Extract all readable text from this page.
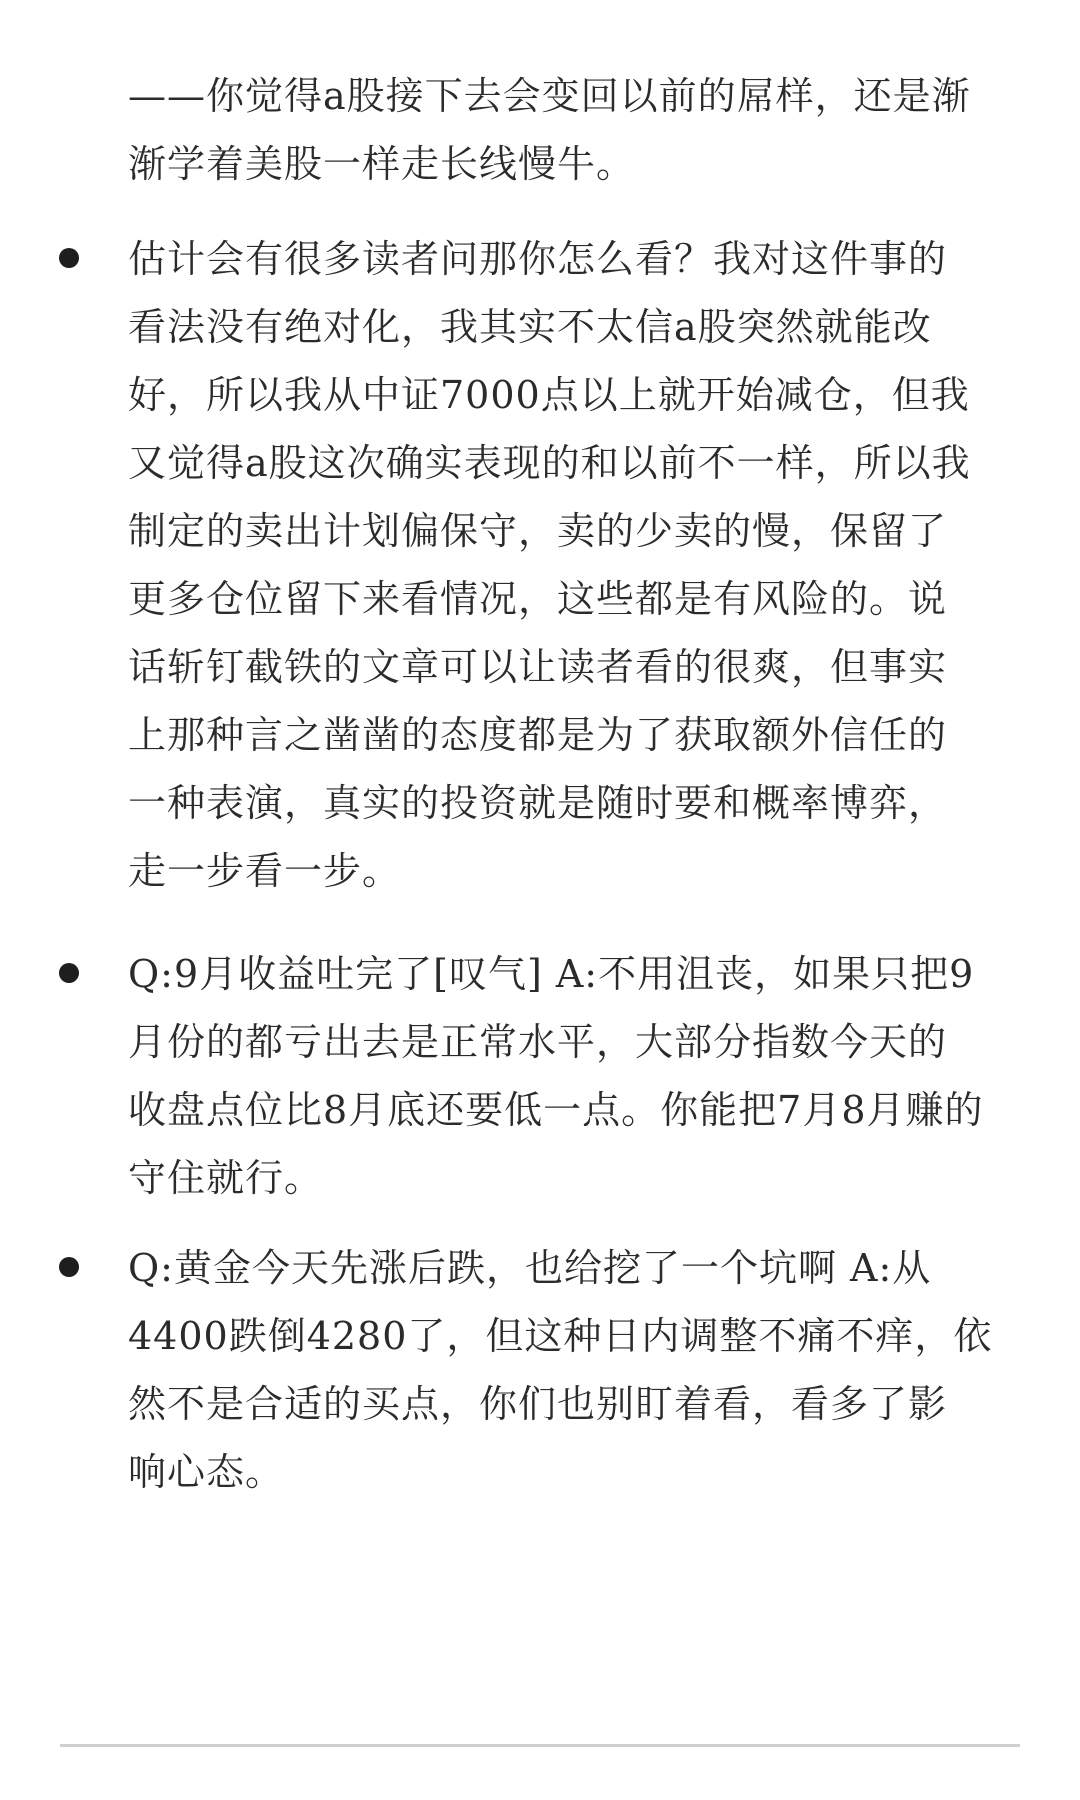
——你觉得a股接下去会变回以前的屌样，还是渐
渐学着美股一样走长线慢牛。

估计会有很多读者问那你怎么看？我对这件事的
看法没有绝对化，我其实不太信a股突然就能改
好，所以我从中证7000点以上就开始减仓，但我
又觉得a股这次确实表现的和以前不一样，所以我
制定的卖出计划偏保守，卖的少卖的慢，保留了
更多仓位留下来看情况，这些都是有风险的。说
话斩钉截铁的文章可以让读者看的很爽，但事实
上那种言之凿凿的态度都是为了获取额外信任的
一种表演，真实的投资就是随时要和概率博弈，
走一步看一步。

Q:9月收益吐完了[叹气] A:不用沮丧，如果只把9
月份的都亏出去是正常水平，大部分指数今天的
收盘点位比8月底还要低一点。你能把7月8月赚的
守住就行。

Q:黄金今天先涨后跌，也给挖了一个坑啊 A:从
4400跌倒4280了，但这种日内调整不痛不痒，依
然不是合适的买点，你们也别盯着看，看多了影
响心态。
